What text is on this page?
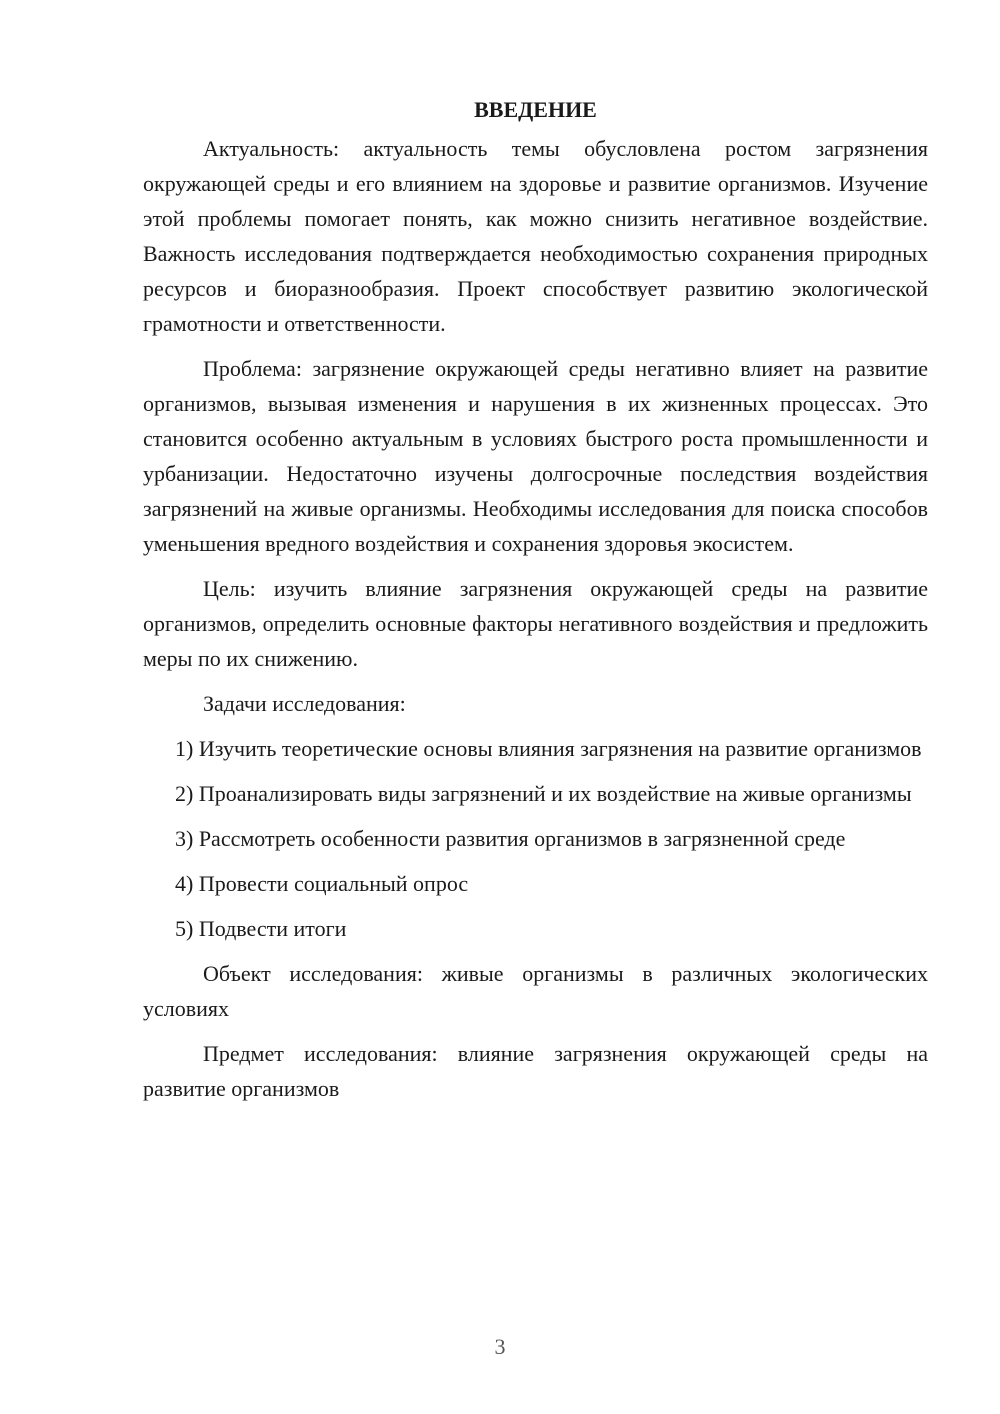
ВВЕДЕНИЕ

Актуальность: актуальность темы обусловлена ростом загрязнения окружающей среды и его влиянием на здоровье и развитие организмов. Изучение этой проблемы помогает понять, как можно снизить негативное воздействие. Важность исследования подтверждается необходимостью сохранения природных ресурсов и биоразнообразия. Проект способствует развитию экологической грамотности и ответственности.

Проблема: загрязнение окружающей среды негативно влияет на развитие организмов, вызывая изменения и нарушения в их жизненных процессах. Это становится особенно актуальным в условиях быстрого роста промышленности и урбанизации. Недостаточно изучены долгосрочные последствия воздействия загрязнений на живые организмы. Необходимы исследования для поиска способов уменьшения вредного воздействия и сохранения здоровья экосистем.

Цель: изучить влияние загрязнения окружающей среды на развитие организмов, определить основные факторы негативного воздействия и предложить меры по их снижению.

Задачи исследования:

1) Изучить теоретические основы влияния загрязнения на развитие организмов

2) Проанализировать виды загрязнений и их воздействие на живые организмы

3) Рассмотреть особенности развития организмов в загрязненной среде

4) Провести социальный опрос

5) Подвести итоги

Объект исследования: живые организмы в различных экологических условиях

Предмет исследования: влияние загрязнения окружающей среды на развитие организмов

3
